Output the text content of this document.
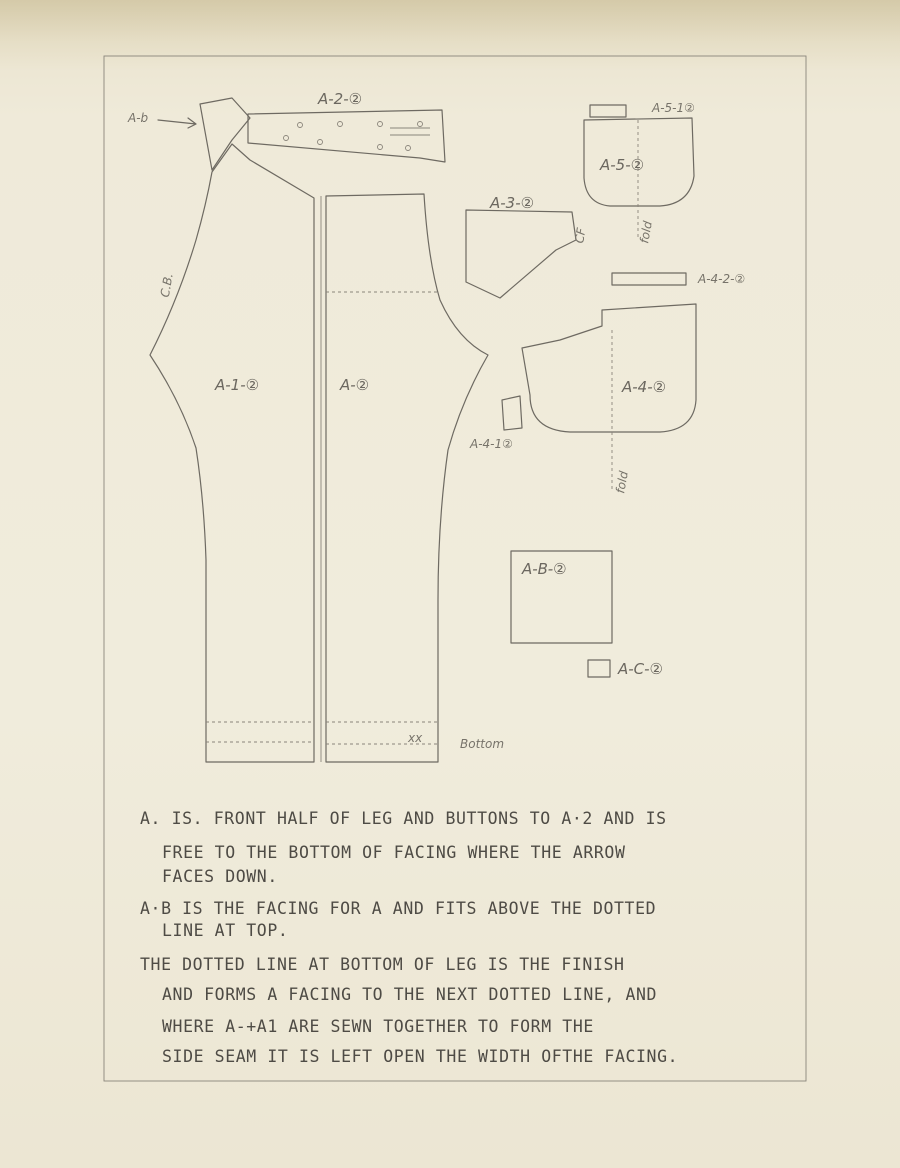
A-b
A-2-②
C.B.
A-1-②	A-②
xx	Bottom
A-5-1②
A-5-②
fold
A-3-②
CF
A-4-2-②
A-4-②
fold
A-4-1②
A-B-②
A-C-②
A. IS. FRONT HALF OF LEG AND BUTTONS TO A·2 AND IS
FREE TO THE BOTTOM OF FACING WHERE THE ARROW
FACES DOWN.
A·B IS THE FACING FOR A AND FITS ABOVE THE DOTTED
LINE AT TOP.
THE DOTTED LINE AT BOTTOM OF LEG IS THE FINISH
AND FORMS A FACING TO THE NEXT DOTTED LINE, AND
WHERE A-+A1 ARE SEWN TOGETHER TO FORM THE
SIDE SEAM IT IS LEFT OPEN THE WIDTH OFTHE FACING.
